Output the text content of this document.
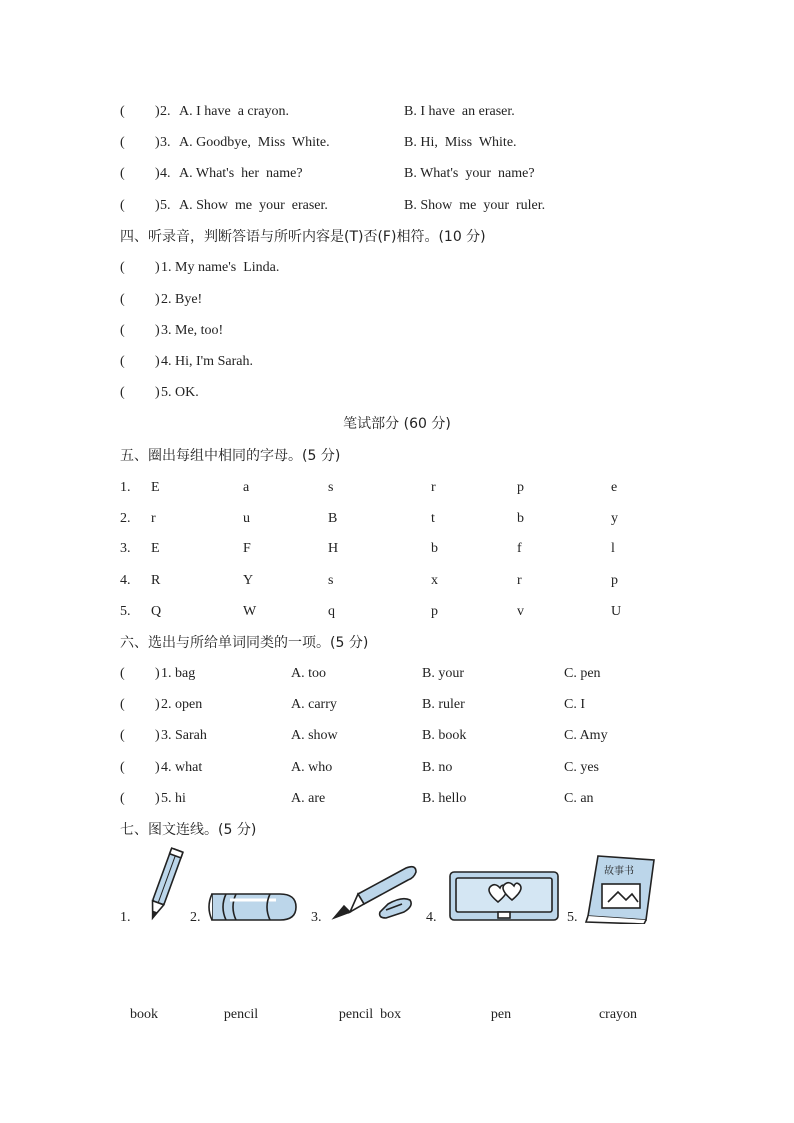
( ) 2. A. I have  a crayon.	B. I have  an eraser.
( ) 3. A. Goodbye,  Miss  White.	B. Hi,  Miss  White.
( ) 4. A. What's  her  name?	B. What's  your  name?
( ) 5. A. Show  me  your  eraser.	B. Show  me  your  ruler.
四、听录音，判断答语与所听内容是(T)否(F)相符。(10 分)
( ) 1. My name's  Linda.
( ) 2. Bye!
( ) 3. Me, too!
( ) 4. Hi, I'm Sarah.
( ) 5. OK.
笔试部分 (60 分)
五、圈出每组中相同的字母。(5 分)
1. E	a	s	r	p	e
2. r	u	B	t	b	y
3. E	F	H	b	f	l
4. R	Y	s	x	r	p
5. Q	W	q	p	v	U
六、选出与所给单词同类的一项。(5 分)
( ) 1. bag	A. too	B. your	C. pen
( ) 2. open	A. carry	B. ruler	C. I
( ) 3. Sarah	A. show	B. book	C. Amy
( ) 4. what	A. who	B. no	C. yes
( ) 5. hi	A. are	B. hello	C. an
七、图文连线。(5 分)
1.	2.	3.	4.	5.
故事书
book	pencil	pencil  box	pen	crayon
